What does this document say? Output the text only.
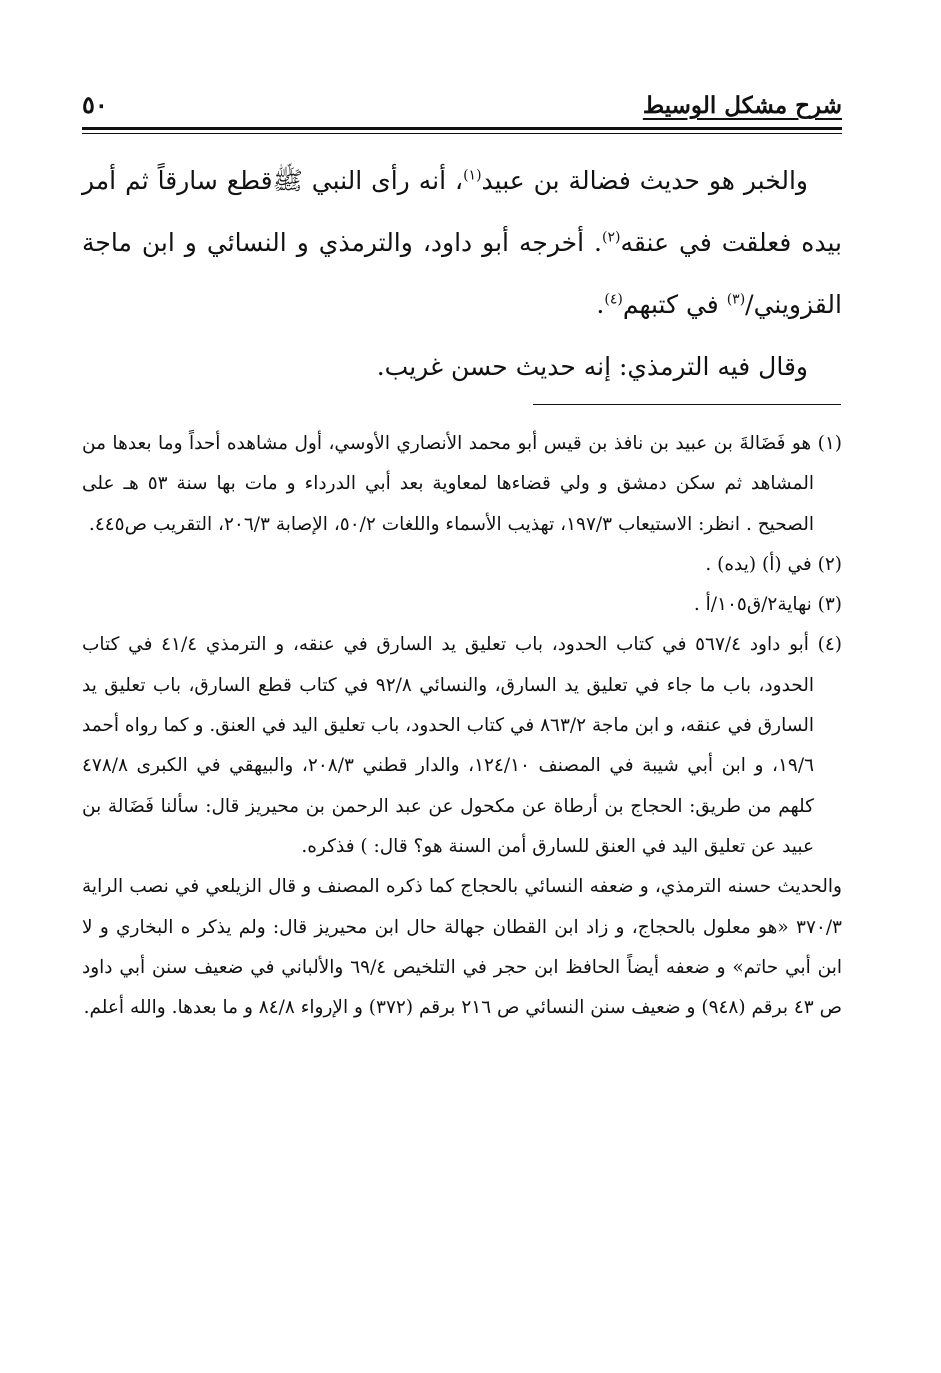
شرح مشكل الوسيط
٥٠

والخبر هو حديث فضالة بن عبيد$^{(١)}$، أنه رأى النبي ﷺقطع سارقاً ثم أمر بيده فعلقت في عنقه$^{(٢)}$. أخرجه أبو داود، والترمذي و النسائي و ابن ماجة القزويني/$^{(٣)}$ في كتبهم$^{(٤)}$.

وقال فيه الترمذي: إنه حديث حسن غريب.

(١) هو فَضَالةَ بن عبيد بن نافذ بن قيس أبو محمد الأنصاري الأوسي، أول مشاهده أحداً وما بعدها من المشاهد ثم سكن دمشق و ولي قضاءها لمعاوية بعد أبي الدرداء و مات بها سنة ٥٣ هـ على الصحيح . انظر: الاستيعاب ١٩٧/٣، تهذيب الأسماء واللغات ٥٠/٢، الإصابة ٢٠٦/٣، التقريب ص٤٤٥.

(٢) في (أ) (يده) .

(٣) نهاية٢/ق١٠٥/أ .

(٤) أبو داود ٥٦٧/٤ في كتاب الحدود، باب تعليق يد السارق في عنقه، و الترمذي ٤١/٤ في كتاب الحدود، باب ما جاء في تعليق يد السارق، والنسائي ٩٢/٨ في كتاب قطع السارق، باب تعليق يد السارق في عنقه، و ابن ماجة ٨٦٣/٢ في كتاب الحدود، باب تعليق اليد في العنق. و كما رواه أحمد ١٩/٦، و ابن أبي شيبة في المصنف ١٢٤/١٠، والدار قطني ٢٠٨/٣، والبيهقي في الكبرى ٤٧٨/٨ كلهم من طريق: الحجاج بن أرطاة عن مكحول عن عبد الرحمن بن محيريز قال: سألنا فَضَالة بن عبيد عن تعليق اليد في العنق للسارق أمن السنة هو؟ قال: ) فذكره.

والحديث حسنه الترمذي، و ضعفه النسائي بالحجاج كما ذكره المصنف و قال الزيلعي في نصب الراية ٣٧٠/٣ «هو معلول بالحجاج، و زاد ابن القطان جهالة حال ابن محيريز قال: ولم يذكر ه البخاري و لا ابن أبي حاتم» و ضعفه أيضاً الحافظ ابن حجر في التلخيص ٦٩/٤ والألباني في ضعيف سنن أبي داود ص ٤٣ برقم (٩٤٨) و ضعيف سنن النسائي ص ٢١٦ برقم (٣٧٢) و الإرواء ٨٤/٨ و ما بعدها. والله أعلم.
